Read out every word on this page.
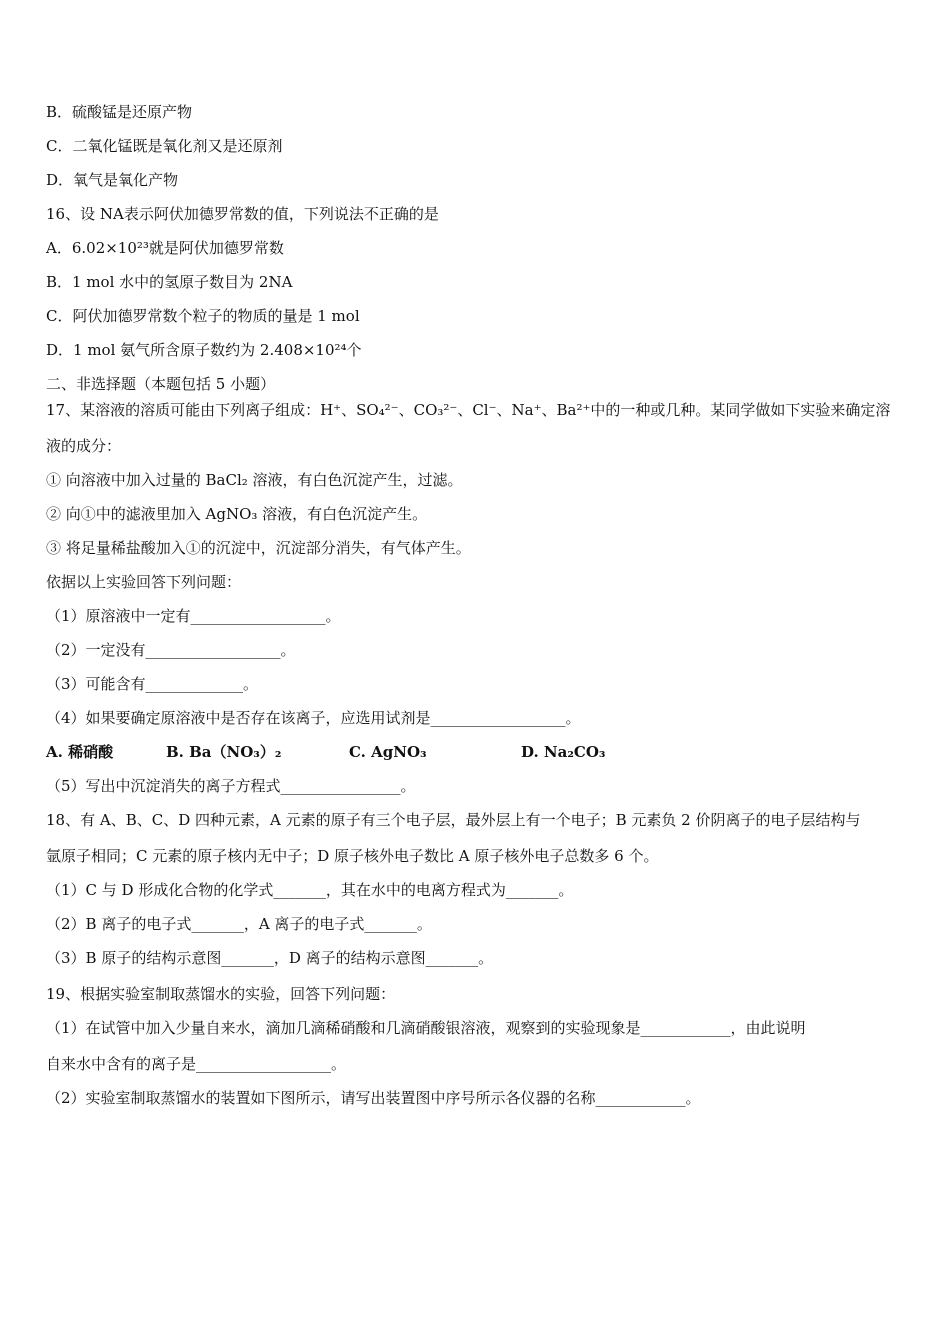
B．硫酸锰是还原产物
C．二氧化锰既是氧化剂又是还原剂
D．氧气是氧化产物
16、设 NA表示阿伏加德罗常数的值，下列说法不正确的是
A．6.02×10²³就是阿伏加德罗常数
B．1 mol 水中的氢原子数目为 2NA
C．阿伏加德罗常数个粒子的物质的量是 1 mol
D．1 mol 氨气所含原子数约为 2.408×10²⁴个
二、非选择题（本题包括 5 小题）
17、某溶液的溶质可能由下列离子组成：H⁺、SO₄²⁻、CO₃²⁻、Cl⁻、Na⁺、Ba²⁺中的一种或几种。某同学做如下实验来确定溶
液的成分：
① 向溶液中加入过量的 BaCl₂ 溶液，有白色沉淀产生，过滤。
② 向①中的滤液里加入 AgNO₃ 溶液，有白色沉淀产生。
③ 将足量稀盐酸加入①的沉淀中，沉淀部分消失，有气体产生。
依据以上实验回答下列问题：
（1）原溶液中一定有__________________。
（2）一定没有__________________。
（3）可能含有_____________。
（4）如果要确定原溶液中是否存在该离子，应选用试剂是__________________。
A. 稀硝酸	B. Ba（NO₃）₂	C. AgNO₃	D. Na₂CO₃
（5）写出中沉淀消失的离子方程式________________。
18、有 A、B、C、D 四种元素，A 元素的原子有三个电子层，最外层上有一个电子；B 元素负 2 价阴离子的电子层结构与
氩原子相同；C 元素的原子核内无中子；D 原子核外电子数比 A 原子核外电子总数多 6 个。
（1）C 与 D 形成化合物的化学式_______，其在水中的电离方程式为_______。
（2）B 离子的电子式_______，A 离子的电子式_______。
（3）B 原子的结构示意图_______，D 离子的结构示意图_______。
19、根据实验室制取蒸馏水的实验，回答下列问题：
（1）在试管中加入少量自来水，滴加几滴稀硝酸和几滴硝酸银溶液，观察到的实验现象是____________，由此说明
自来水中含有的离子是__________________。
（2）实验室制取蒸馏水的装置如下图所示，请写出装置图中序号所示各仪器的名称____________。
